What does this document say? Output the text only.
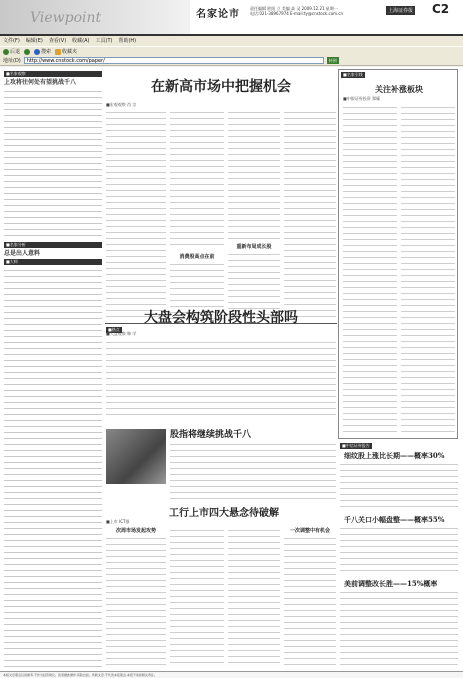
Viewpoint	名家论市
责任编辑 欧阳 立 美编 高 灵 2009.12.21 星期一
电话:021-38967974 E-mail:ty@cnstock.com.cn	上海证券报 C2
文件(F) 编辑(E) 查看(V) 收藏(A) 工具(T) 帮助(H)
后退	搜索 收藏夹
地址(D)
http://www.cnstock.com/paper/	转到
■名家观察
上攻将往何处有望挑战千八
■名家分析
总是出人意料
■大师
在新高市场中把握机会
■宏观观察 肖 宗
消费股高点在前
重新布局成长股
■热点
大盘会构筑阶段性头部吗
■大盘观察 韩 学
股指将继续挑战千八
工行上市四大悬念待破解
■上市 ICT银
次周市场发起攻势	一次调整中有机会
■名家引线
关注补涨板块
■中银证券投资 郑耀
■中信证券报告
细纹股上涨比长期——概率30%
千八关口小幅盘整——概率55%
美前调整改长胜——15%概率
本版文章观点仅供参考,不作为投资建议。读者据此操作,风险自担。所载文章,不代表本报观点,本报不承担相关责任。
